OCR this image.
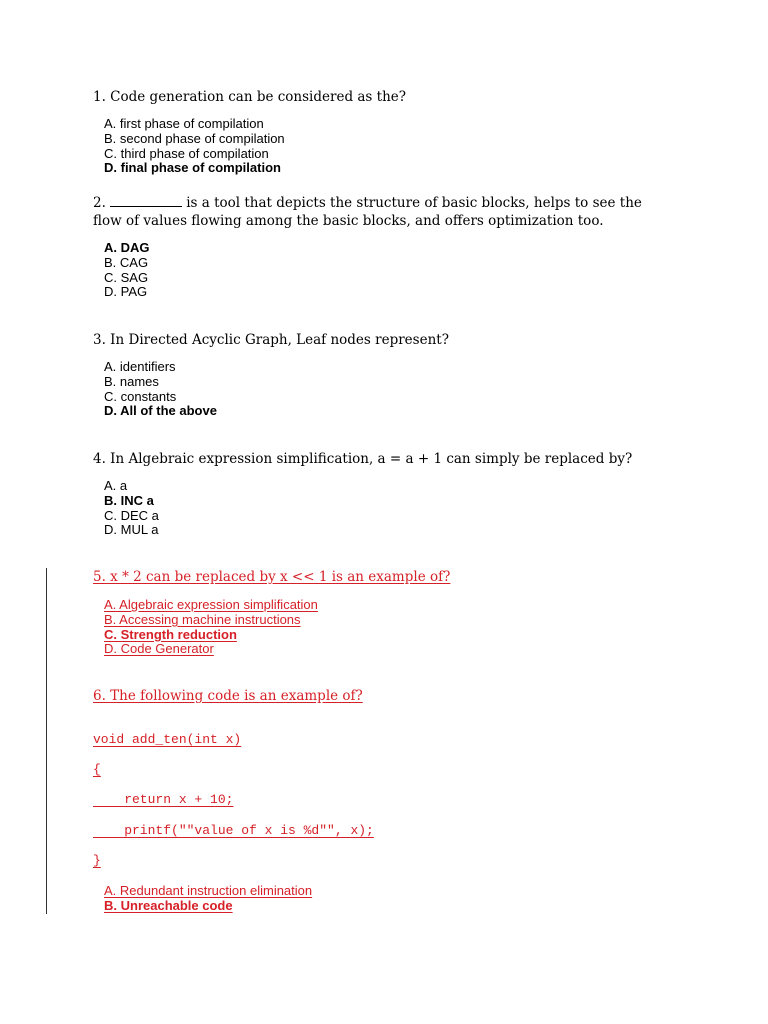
1. Code generation can be considered as the?
A. first phase of compilation
B. second phase of compilation
C. third phase of compilation
D. final phase of compilation
2.	is a tool that depicts the structure of basic blocks, helps to see the flow of values flowing among the basic blocks, and offers optimization too.
A. DAG
B. CAG
C. SAG
D. PAG
3. In Directed Acyclic Graph, Leaf nodes represent?
A. identifiers
B. names
C. constants
D. All of the above
4. In Algebraic expression simplification, a = a + 1 can simply be replaced by?
A. a
B. INC a
C. DEC a
D. MUL a
5. x * 2 can be replaced by x << 1 is an example of?
A. Algebraic expression simplification
B. Accessing machine instructions
C. Strength reduction
D. Code Generator
6. The following code is an example of?
void add_ten(int x)
{
return x + 10;
printf(""value of x is %d"", x);
}
A. Redundant instruction elimination
B. Unreachable code
